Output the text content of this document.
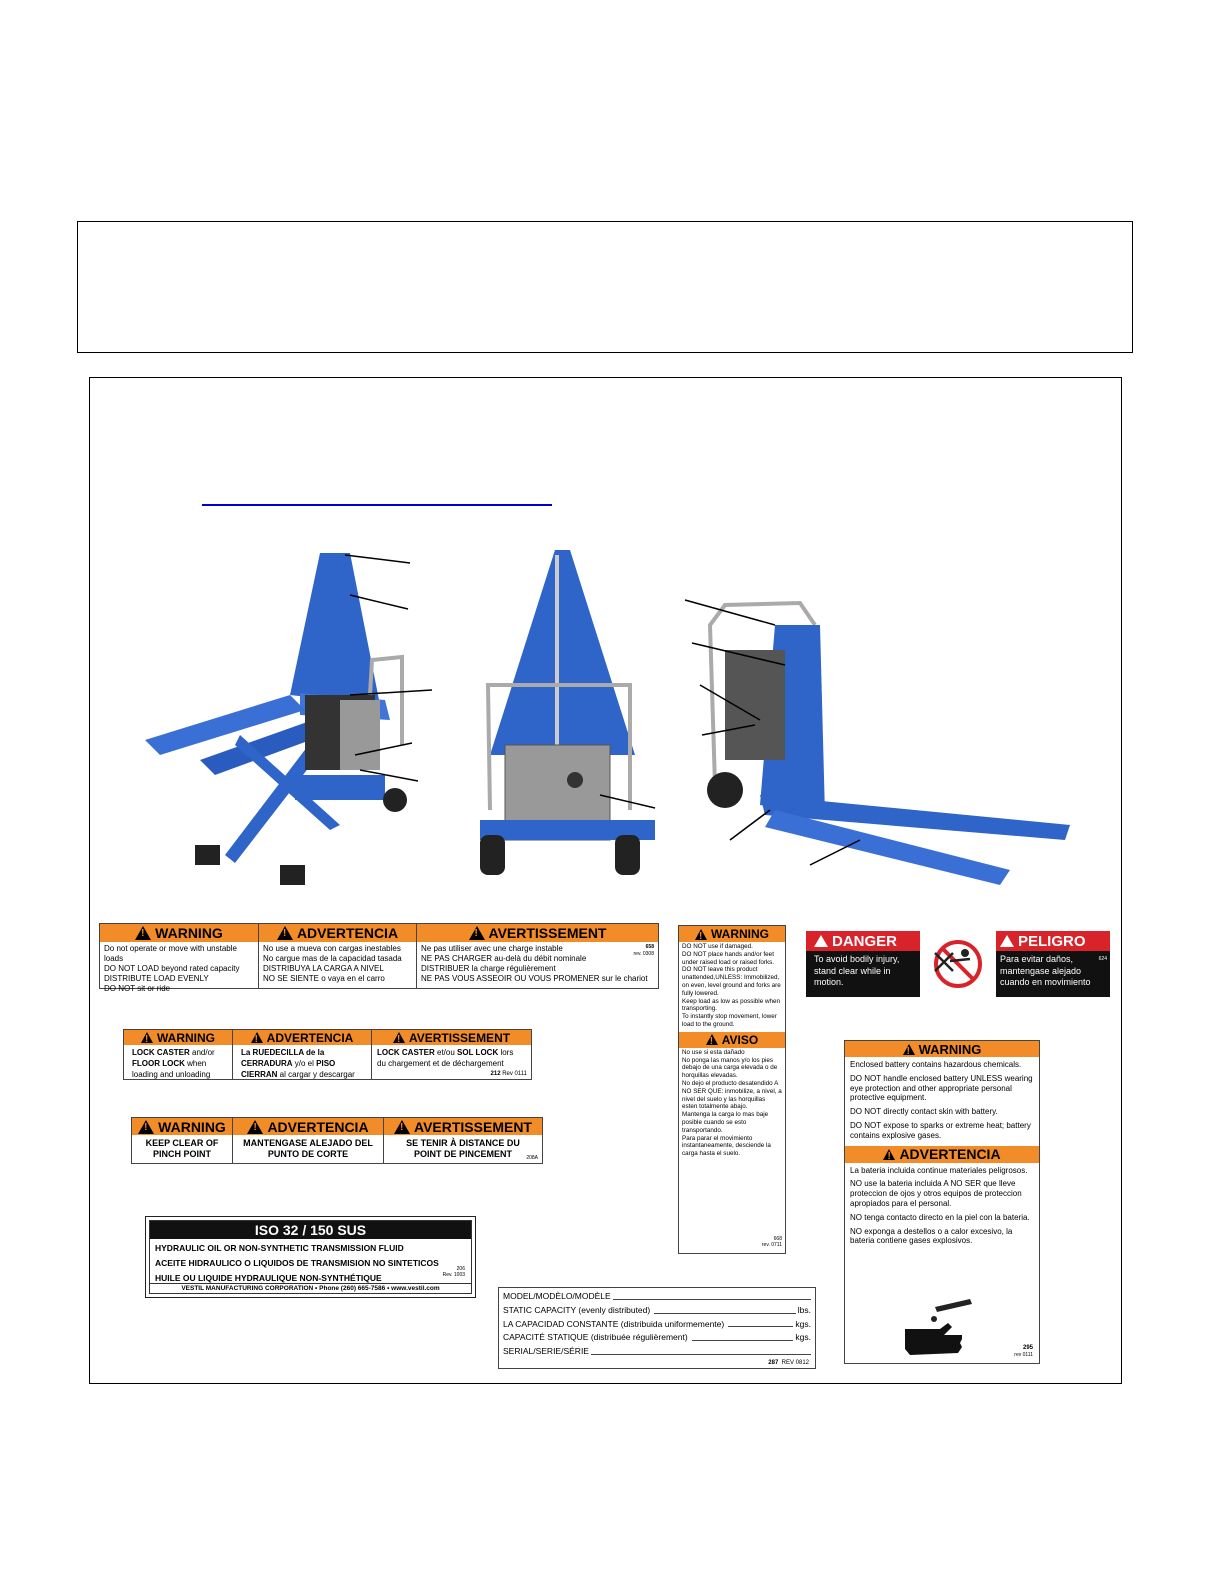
!
WARNING
Do not operate or move with unstable loads
DO NOT LOAD beyond rated capacity
DISTRIBUTE LOAD EVENLY
DO NOT sit or ride
!
ADVERTENCIA
No use a mueva con cargas inestables
No cargue mas de la capacidad tasada
DISTRIBUYA LA CARGA A NIVEL
NO SE SIENTE o vaya en el carro
!
AVERTISSEMENT
Ne pas utiliser avec une charge instable
NE PAS CHARGER au-delà du débit nominale
DISTRIBUER la charge régulièrement
NE PAS VOUS ASSEOIR OU VOUS PROMENER sur le chariot
658
rev. 0308
!
WARNING
LOCK CASTER and/or
FLOOR LOCK when
loading and unloading
!
ADVERTENCIA
La RUEDECILLA de la
CERRADURA y/o el PISO
CIERRAN al cargar y descargar
!
AVERTISSEMENT
LOCK CASTER et/ou SOL LOCK lors
du chargement et de déchargement
212 Rev 0111
!
WARNING
KEEP CLEAR OF PINCH POINT
!
ADVERTENCIA
MANTENGASE ALEJADO DEL PUNTO DE CORTE
!
AVERTISSEMENT
SE TENIR À DISTANCE DU POINT DE PINCEMENT	208A
ISO 32 / 150 SUS
HYDRAULIC OIL OR NON-SYNTHETIC TRANSMISSION FLUID
ACEITE HIDRAULICO O LIQUIDOS DE TRANSMISION NO SINTETICOS
HUILE OU LIQUIDE HYDRAULIQUE NON-SYNTHÉTIQUE
206
Rev. 1003
VESTIL MANUFACTURING CORPORATION • Phone (260) 665-7586 • www.vestil.com
!
WARNING
DO NOT use if damaged.
DO NOT place hands and/or feet under raised load or raised forks.
DO NOT leave this product unattended,UNLESS: Immobilized, on even, level ground and forks are fully lowered.
Keep load as low as possible when transporting.
To instantly stop movement, lower load to the ground.
!
AVISO
No use si esta dañado
No ponga las manos y/o los pies debajo de una carga elevada o de horquillas elevadas.
No dejo el producto desatendido A NO SER QUE: inmobilize, a nivel, a nivel del suelo y las horquillas esten totalmente abajo.
Mantenga la carga lo mas baje posible cuando se esto transportando.
Para parar el movimiento instantaneamente, desciende la carga hasta el suelo.
668
rev. 0711
DANGER
To avoid bodily injury, stand clear while in motion.
PELIGRO
Para evitar daños, mantengase alejado cuando en movimiento
624
!
WARNING
Enclosed battery contains hazardous chemicals.
DO NOT handle enclosed battery UNLESS wearing eye protection and other appropriate personal protective equipment.
DO NOT directly contact skin with battery.
DO NOT expose to sparks or extreme heat; battery contains explosive gases.
!
ADVERTENCIA
La bateria incluida continue materiales peligrosos.
NO use la bateria incluida A NO SER que lleve proteccion de ojos y otros equipos de proteccion apropiados para el personal.
NO tenga contacto directo en la piel con la bateria.
NO exponga a destellos o a calor excesivo, la bateria contiene gases explosivos.
295
rev 0111
MODEL/MODÈLO/MODÈLE
STATIC CAPACITY (evenly distributed)	lbs.
LA CAPACIDAD CONSTANTE (distribuida uniformemente)	kgs.
CAPACITÉ STATIQUE (distribuée régulièrement)	kgs.
SERIAL/SERIE/SÉRIE
287 REV 0812
